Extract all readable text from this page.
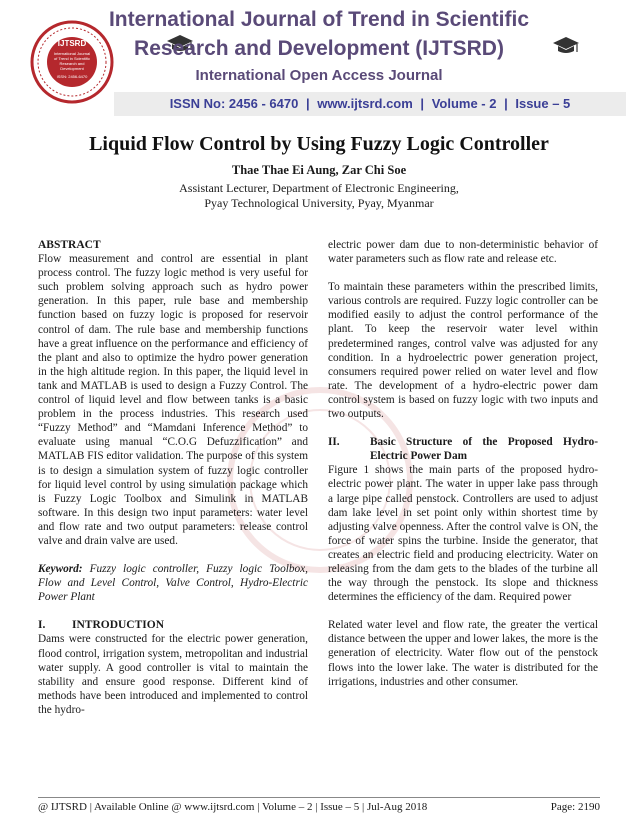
IJTSRD
International Journal
of Trend in Scientific
Research and
Development
ISSN: 2456-6470
International Journal of Trend in Scientific
Research and Development (IJTSRD)
International Open Access Journal
ISSN No: 2456 - 6470 | www.ijtsrd.com | Volume - 2 | Issue – 5
Liquid Flow Control by Using Fuzzy Logic Controller
Thae Thae Ei Aung, Zar Chi Soe
Assistant Lecturer, Department of Electronic Engineering,
Pyay Technological University, Pyay, Myanmar
ABSTRACT

Flow measurement and control are essential in plant process control. The fuzzy logic method is very useful for such problem solving approach such as hydro power generation. In this paper, rule base and membership function based on fuzzy logic is proposed for reservoir control of dam. The rule base and membership functions have a great influence on the performance and efficiency of the plant and also to optimize the hydro power generation in the high altitude region. In this paper, the liquid level in tank and MATLAB is used to design a Fuzzy Control. The control of liquid level and flow between tanks is a basic problem in the process industries. This research used “Fuzzy Method” and “Mamdani Inference Method” to evaluate using manual “C.O.G Defuzzification” and MATLAB FIS editor validation. The purpose of this system is to design a simulation system of fuzzy logic controller for liquid level control by using simulation package which is Fuzzy Logic Toolbox and Simulink in MATLAB software. In this design two input parameters: water level and flow rate and two output parameters: release control valve and drain valve are used.

Keyword: Fuzzy logic controller, Fuzzy logic Toolbox, Flow and Level Control, Valve Control, Hydro-Electric Power Plant

I. INTRODUCTION

Dams were constructed for the electric power generation, flood control, irrigation system, metropolitan and industrial water supply. A good controller is vital to maintain the stability and ensure good response. Different kind of methods have been introduced and implemented to control the hydro-

electric power dam due to non-deterministic behavior of water parameters such as flow rate and release etc.

To maintain these parameters within the prescribed limits, various controls are required. Fuzzy logic controller can be modified easily to adjust the control performance of the plant. To keep the reservoir water level within predetermined ranges, control valve was adjusted for any condition. In a hydroelectric power generation project, consumers required power relied on water level and flow rate. The development of a hydro-electric power dam control system is based on fuzzy logic with two inputs and two outputs.

II.	Basic Structure of the Proposed Hydro-Electric Power Dam

Figure 1 shows the main parts of the proposed hydro-electric power plant. The water in upper lake pass through a large pipe called penstock. Controllers are used to adjust dam lake level in set point only within shortest time by adjusting valve openness. After the control valve is ON, the force of water spins the turbine. Inside the generator, that creates an electric field and producing electricity. Water on releasing from the dam gets to the blades of the turbine all the way through the penstock. Its slope and thickness determines the efficiency of the dam. Required power

Related water level and flow rate, the greater the vertical distance between the upper and lower lakes, the more is the generation of electricity. Water flow out of the penstock flows into the lower lake. The water is distributed for the irrigations, industries and other consumer.

@ IJTSRD | Available Online @ www.ijtsrd.com | Volume – 2 | Issue – 5 | Jul-Aug 2018	Page: 2190
